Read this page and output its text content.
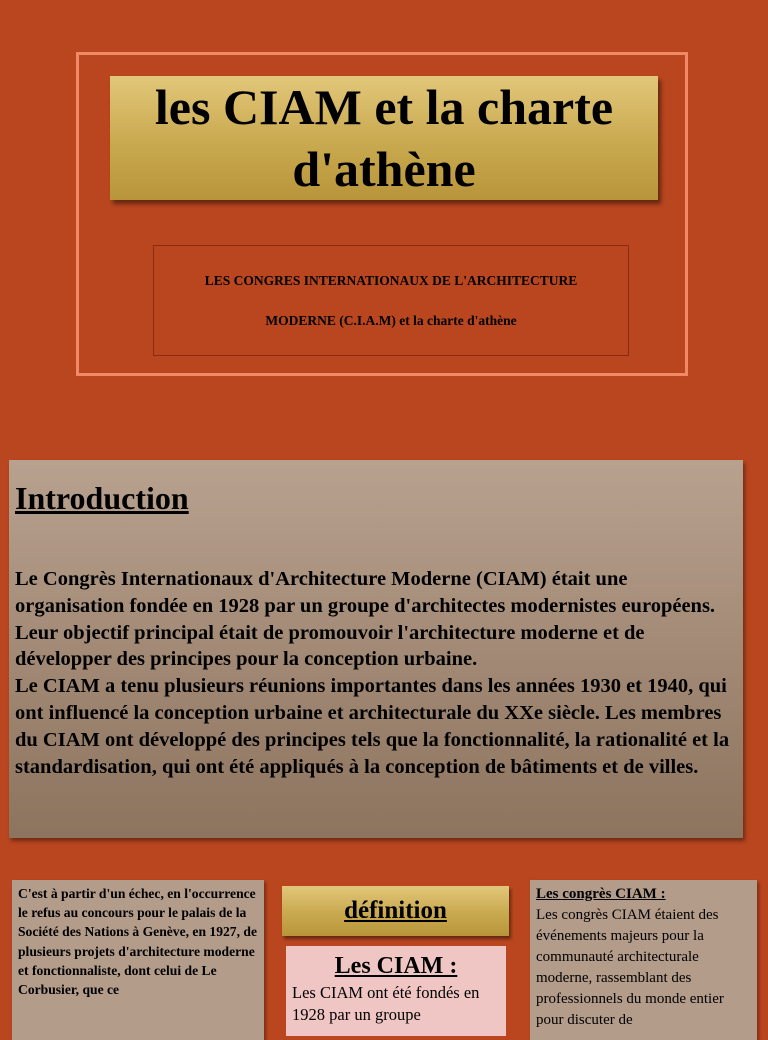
les CIAM et la charte d'athène

LES CONGRES INTERNATIONAUX DE L'ARCHITECTURE

MODERNE (C.I.A.M) et la charte d'athène

Introduction

Le Congrès Internationaux d'Architecture Moderne (CIAM) était une organisation fondée en 1928 par un groupe d'architectes modernistes européens. Leur objectif principal était de promouvoir l'architecture moderne et de développer des principes pour la conception urbaine.

Le CIAM a tenu plusieurs réunions importantes dans les années 1930 et 1940, qui ont influencé la conception urbaine et architecturale du XXe siècle. Les membres du CIAM ont développé des principes tels que la fonctionnalité, la rationalité et la standardisation, qui ont été appliqués à la conception de bâtiments et de villes.

C'est à partir d'un échec, en l'occurrence le refus au concours pour le palais de la Société des Nations à Genève, en 1927, de plusieurs projets d'architecture moderne et fonctionnaliste, dont celui de Le Corbusier, que ce
définition
Les CIAM :

Les CIAM ont été fondés en 1928 par un groupe

Les congrès CIAM :
Les congrès CIAM étaient des événements majeurs pour la communauté architecturale moderne, rassemblant des professionnels du monde entier pour discuter de
